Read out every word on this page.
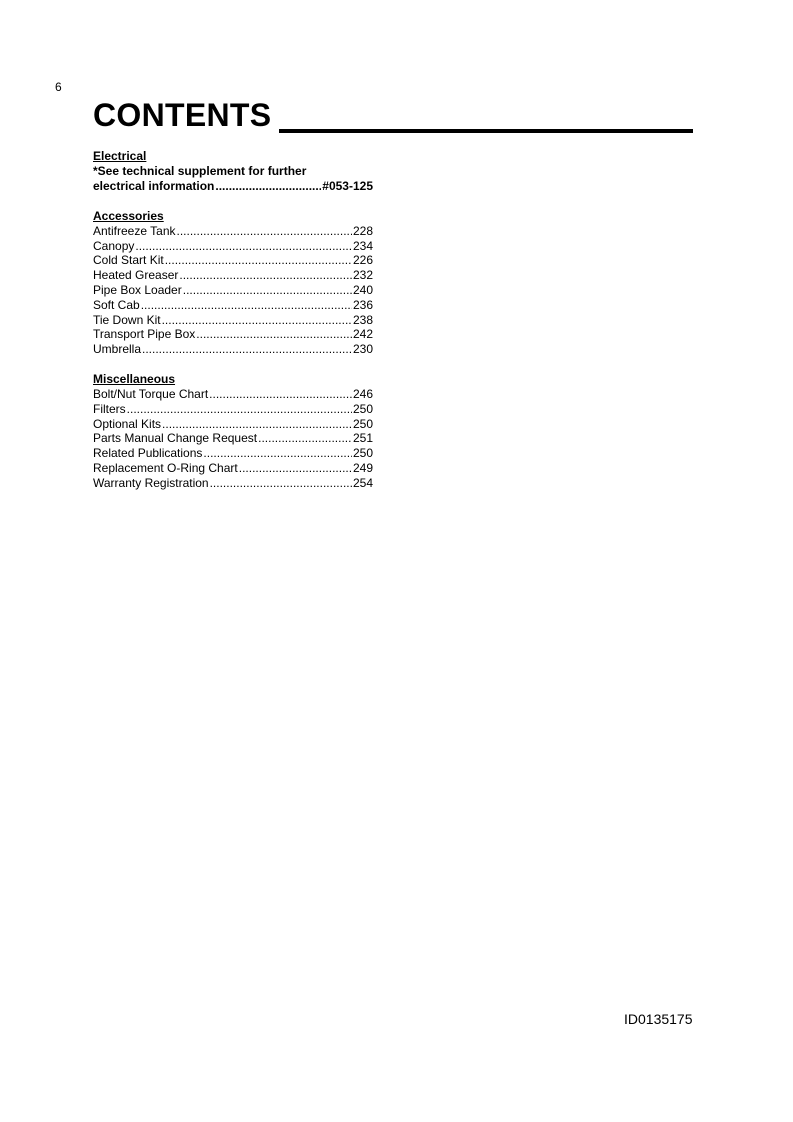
6
CONTENTS
Electrical
*See technical supplement for further
electrical information .....	#053-125
Accessories
Antifreeze Tank .....	228
Canopy .....	234
Cold Start Kit .....	226
Heated Greaser .....	232
Pipe Box Loader .....	240
Soft Cab .....	236
Tie Down Kit .....	238
Transport Pipe Box .....	242
Umbrella .....	230
Miscellaneous
Bolt/Nut Torque Chart .....	246
Filters .....	250
Optional Kits .....	250
Parts Manual Change Request .....	251
Related Publications .....	250
Replacement O-Ring Chart .....	249
Warranty Registration .....	254
ID0135175
